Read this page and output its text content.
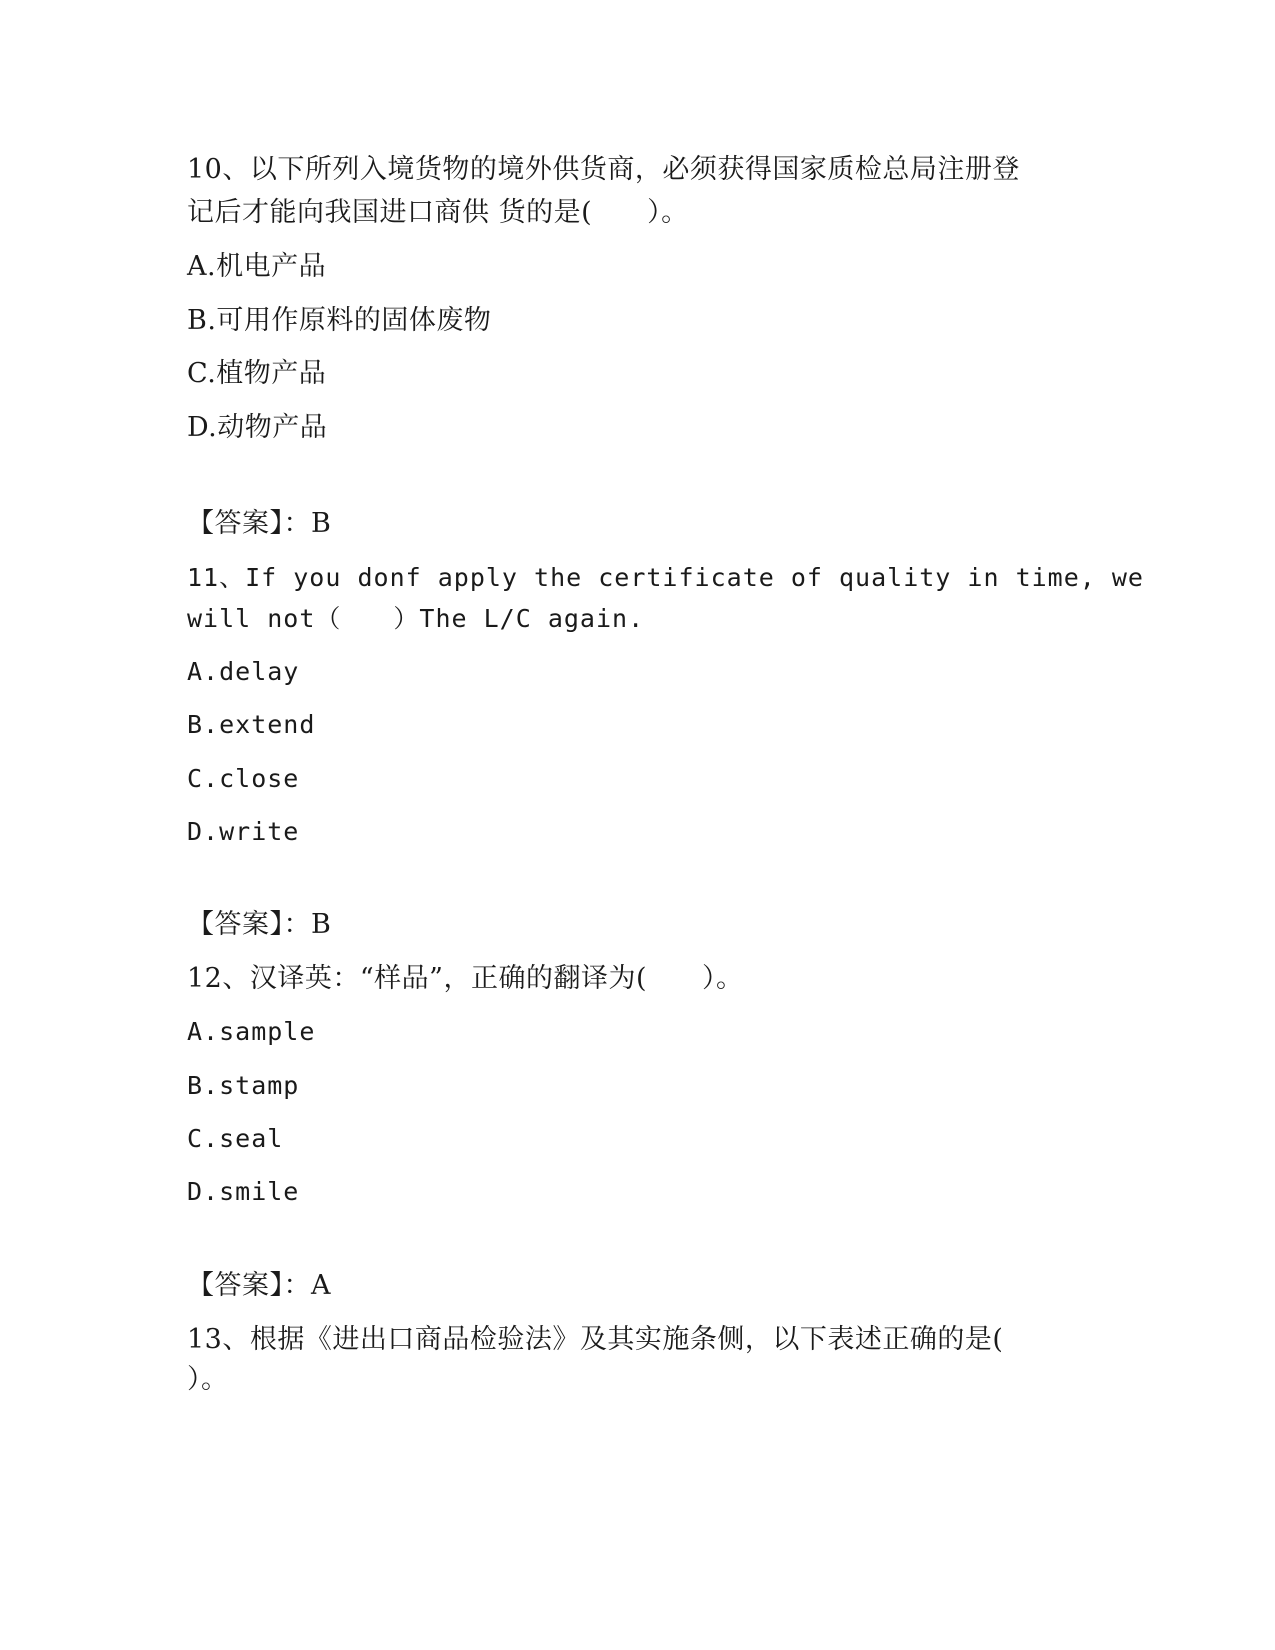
10、以下所列入境货物的境外供货商，必须获得国家质检总局注册登
记后才能向我国进口商供 货的是(　　）。
A.机电产品
B.可用作原料的固体废物
C.植物产品
D.动物产品
【答案】：B
11、If you donf apply the certificate of quality in time, we
will not（　　）The L/C again.
A.delay
B.extend
C.close
D.write
【答案】：B
12、汉译英：“样品”，正确的翻译为(　　）。
A.sample
B.stamp
C.seal
D.smile
【答案】：A
13、根据《进出口商品检验法》及其实施条侧，以下表述正确的是(
）。
